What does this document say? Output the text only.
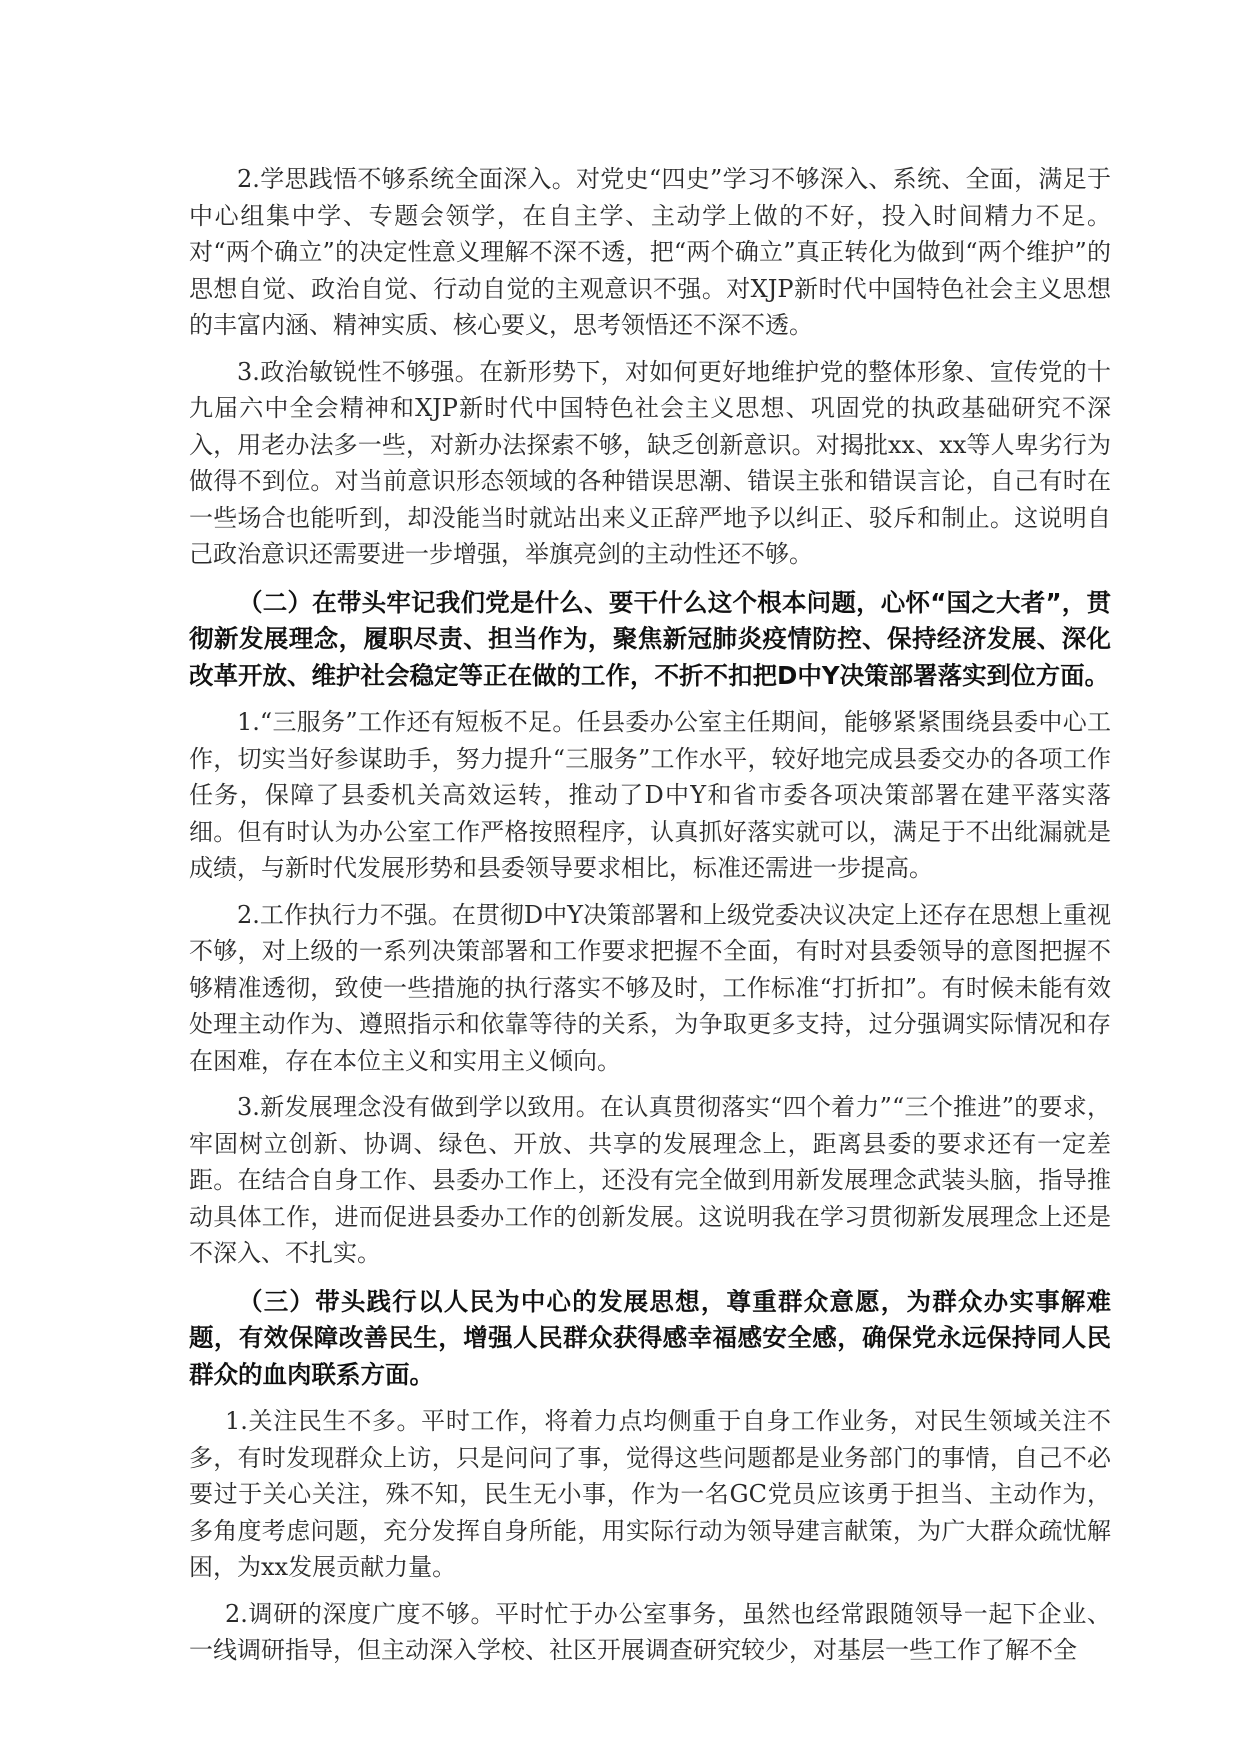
2.学思践悟不够系统全面深入。对党史“四史”学习不够深入、系统、全面，满足于中心组集中学、专题会领学，在自主学、主动学上做的不好，投入时间精力不足。对“两个确立”的决定性意义理解不深不透，把“两个确立”真正转化为做到“两个维护”的思想自觉、政治自觉、行动自觉的主观意识不强。对XJP新时代中国特色社会主义思想的丰富内涵、精神实质、核心要义，思考领悟还不深不透。

3.政治敏锐性不够强。在新形势下，对如何更好地维护党的整体形象、宣传党的十九届六中全会精神和XJP新时代中国特色社会主义思想、巩固党的执政基础研究不深入，用老办法多一些，对新办法探索不够，缺乏创新意识。对揭批xx、xx等人卑劣行为做得不到位。对当前意识形态领域的各种错误思潮、错误主张和错误言论，自己有时在一些场合也能听到，却没能当时就站出来义正辞严地予以纠正、驳斥和制止。这说明自己政治意识还需要进一步增强，举旗亮剑的主动性还不够。

（二）在带头牢记我们党是什么、要干什么这个根本问题，心怀“国之大者”，贯彻新发展理念，履职尽责、担当作为，聚焦新冠肺炎疫情防控、保持经济发展、深化改革开放、维护社会稳定等正在做的工作，不折不扣把D中Y决策部署落实到位方面。

1.“三服务”工作还有短板不足。任县委办公室主任期间，能够紧紧围绕县委中心工作，切实当好参谋助手，努力提升“三服务”工作水平，较好地完成县委交办的各项工作任务，保障了县委机关高效运转，推动了D中Y和省市委各项决策部署在建平落实落细。但有时认为办公室工作严格按照程序，认真抓好落实就可以，满足于不出纰漏就是成绩，与新时代发展形势和县委领导要求相比，标准还需进一步提高。

2.工作执行力不强。在贯彻D中Y决策部署和上级党委决议决定上还存在思想上重视不够，对上级的一系列决策部署和工作要求把握不全面，有时对县委领导的意图把握不够精准透彻，致使一些措施的执行落实不够及时，工作标准“打折扣”。有时候未能有效处理主动作为、遵照指示和依靠等待的关系，为争取更多支持，过分强调实际情况和存在困难，存在本位主义和实用主义倾向。

3.新发展理念没有做到学以致用。在认真贯彻落实“四个着力”“三个推进”的要求，牢固树立创新、协调、绿色、开放、共享的发展理念上，距离县委的要求还有一定差距。在结合自身工作、县委办工作上，还没有完全做到用新发展理念武装头脑，指导推动具体工作，进而促进县委办工作的创新发展。这说明我在学习贯彻新发展理念上还是不深入、不扎实。

（三）带头践行以人民为中心的发展思想，尊重群众意愿，为群众办实事解难题，有效保障改善民生，增强人民群众获得感幸福感安全感，确保党永远保持同人民群众的血肉联系方面。

1.关注民生不多。平时工作，将着力点均侧重于自身工作业务，对民生领域关注不多，有时发现群众上访，只是问问了事，觉得这些问题都是业务部门的事情，自己不必要过于关心关注，殊不知，民生无小事，作为一名GC党员应该勇于担当、主动作为，多角度考虑问题，充分发挥自身所能，用实际行动为领导建言献策，为广大群众疏忧解困，为xx发展贡献力量。

2.调研的深度广度不够。平时忙于办公室事务，虽然也经常跟随领导一起下企业、一线调研指导，但主动深入学校、社区开展调查研究较少，对基层一些工作了解不全
